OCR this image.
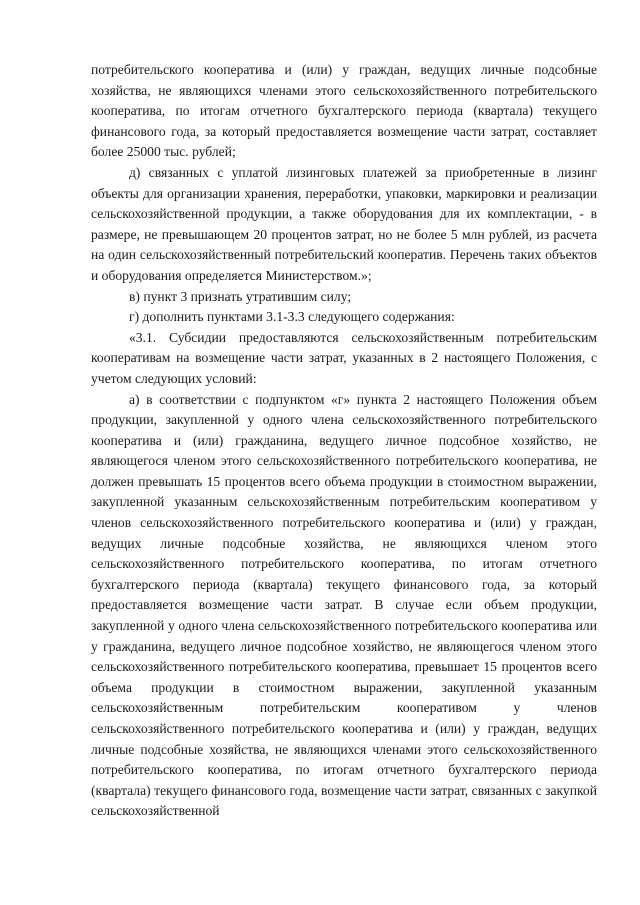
потребительского кооператива и (или) у граждан, ведущих личные подсобные хозяйства, не являющихся членами этого сельскохозяйственного потребительского кооператива, по итогам отчетного бухгалтерского периода (квартала) текущего финансового года, за который предоставляется возмещение части затрат, составляет более 25000 тыс. рублей;

д) связанных с уплатой лизинговых платежей за приобретенные в лизинг объекты для организации хранения, переработки, упаковки, маркировки и реализации сельскохозяйственной продукции, а также оборудования для их комплектации, - в размере, не превышающем 20 процентов затрат, но не более 5 млн рублей, из расчета на один сельскохозяйственный потребительский кооператив. Перечень таких объектов и оборудования определяется Министерством.»;

в) пункт 3 признать утратившим силу;

г) дополнить пунктами 3.1-3.3 следующего содержания:

«3.1. Субсидии предоставляются сельскохозяйственным потребительским кооперативам на возмещение части затрат, указанных в 2 настоящего Положения, с учетом следующих условий:

а) в соответствии с подпунктом «г» пункта 2 настоящего Положения объем продукции, закупленной у одного члена сельскохозяйственного потребительского кооператива и (или) гражданина, ведущего личное подсобное хозяйство, не являющегося членом этого сельскохозяйственного потребительского кооператива, не должен превышать 15 процентов всего объема продукции в стоимостном выражении, закупленной указанным сельскохозяйственным потребительским кооперативом у членов сельскохозяйственного потребительского кооператива и (или) у граждан, ведущих личные подсобные хозяйства, не являющихся членом этого сельскохозяйственного потребительского кооператива, по итогам отчетного бухгалтерского периода (квартала) текущего финансового года, за который предоставляется возмещение части затрат. В случае если объем продукции, закупленной у одного члена сельскохозяйственного потребительского кооператива или у гражданина, ведущего личное подсобное хозяйство, не являющегося членом этого сельскохозяйственного потребительского кооператива, превышает 15 процентов всего объема продукции в стоимостном выражении, закупленной указанным сельскохозяйственным потребительским кооперативом у членов сельскохозяйственного потребительского кооператива и (или) у граждан, ведущих личные подсобные хозяйства, не являющихся членами этого сельскохозяйственного потребительского кооператива, по итогам отчетного бухгалтерского периода (квартала) текущего финансового года, возмещение части затрат, связанных с закупкой сельскохозяйственной
